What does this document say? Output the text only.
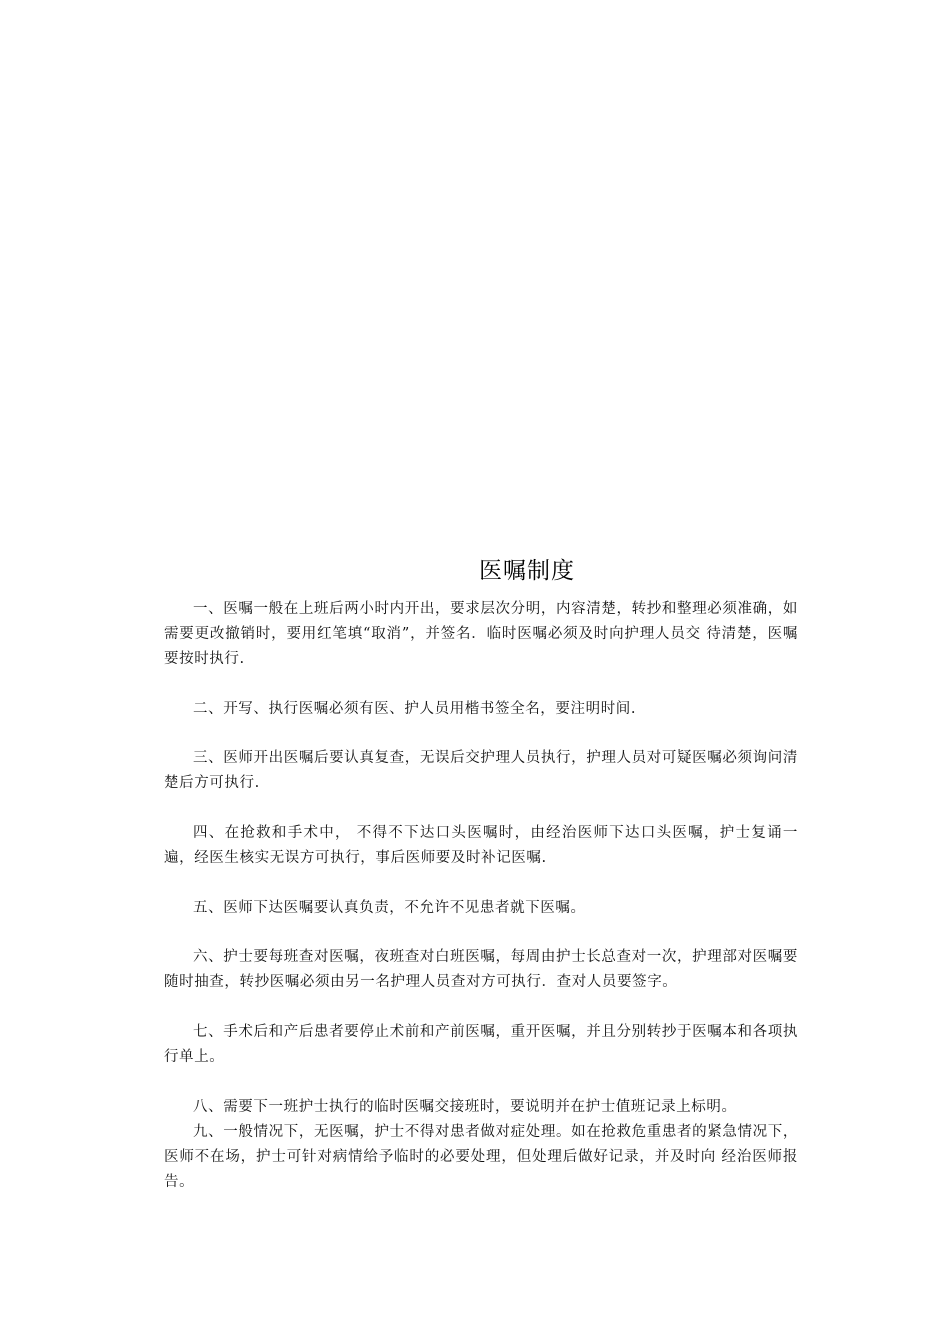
医嘱制度

一、医嘱一般在上班后两小时内开出，要求层次分明，内容清楚，转抄和整理必须准确，如需要更改撤销时，要用红笔填“取消”，并签名．临时医嘱必须及时向护理人员交 待清楚，医嘱要按时执行.

二、开写、执行医嘱必须有医、护人员用楷书签全名，要注明时间.

三、医师开出医嘱后要认真复查，无误后交护理人员执行，护理人员对可疑医嘱必须询问清楚后方可执行.

四、在抢救和手术中， 不得不下达口头医嘱时，由经治医师下达口头医嘱，护士复诵一遍，经医生核实无误方可执行，事后医师要及时补记医嘱.

五、医师下达医嘱要认真负责，不允许不见患者就下医嘱。

六、护士要每班查对医嘱，夜班查对白班医嘱，每周由护士长总查对一次，护理部对医嘱要随时抽查，转抄医嘱必须由另一名护理人员查对方可执行．查对人员要签字。

七、手术后和产后患者要停止术前和产前医嘱，重开医嘱，并且分别转抄于医嘱本和各项执行单上。

八、需要下一班护士执行的临时医嘱交接班时，要说明并在护士值班记录上标明。

九、一般情况下，无医嘱，护士不得对患者做对症处理。如在抢救危重患者的紧急情况下，医师不在场，护士可针对病情给予临时的必要处理，但处理后做好记录，并及时向 经治医师报告。
